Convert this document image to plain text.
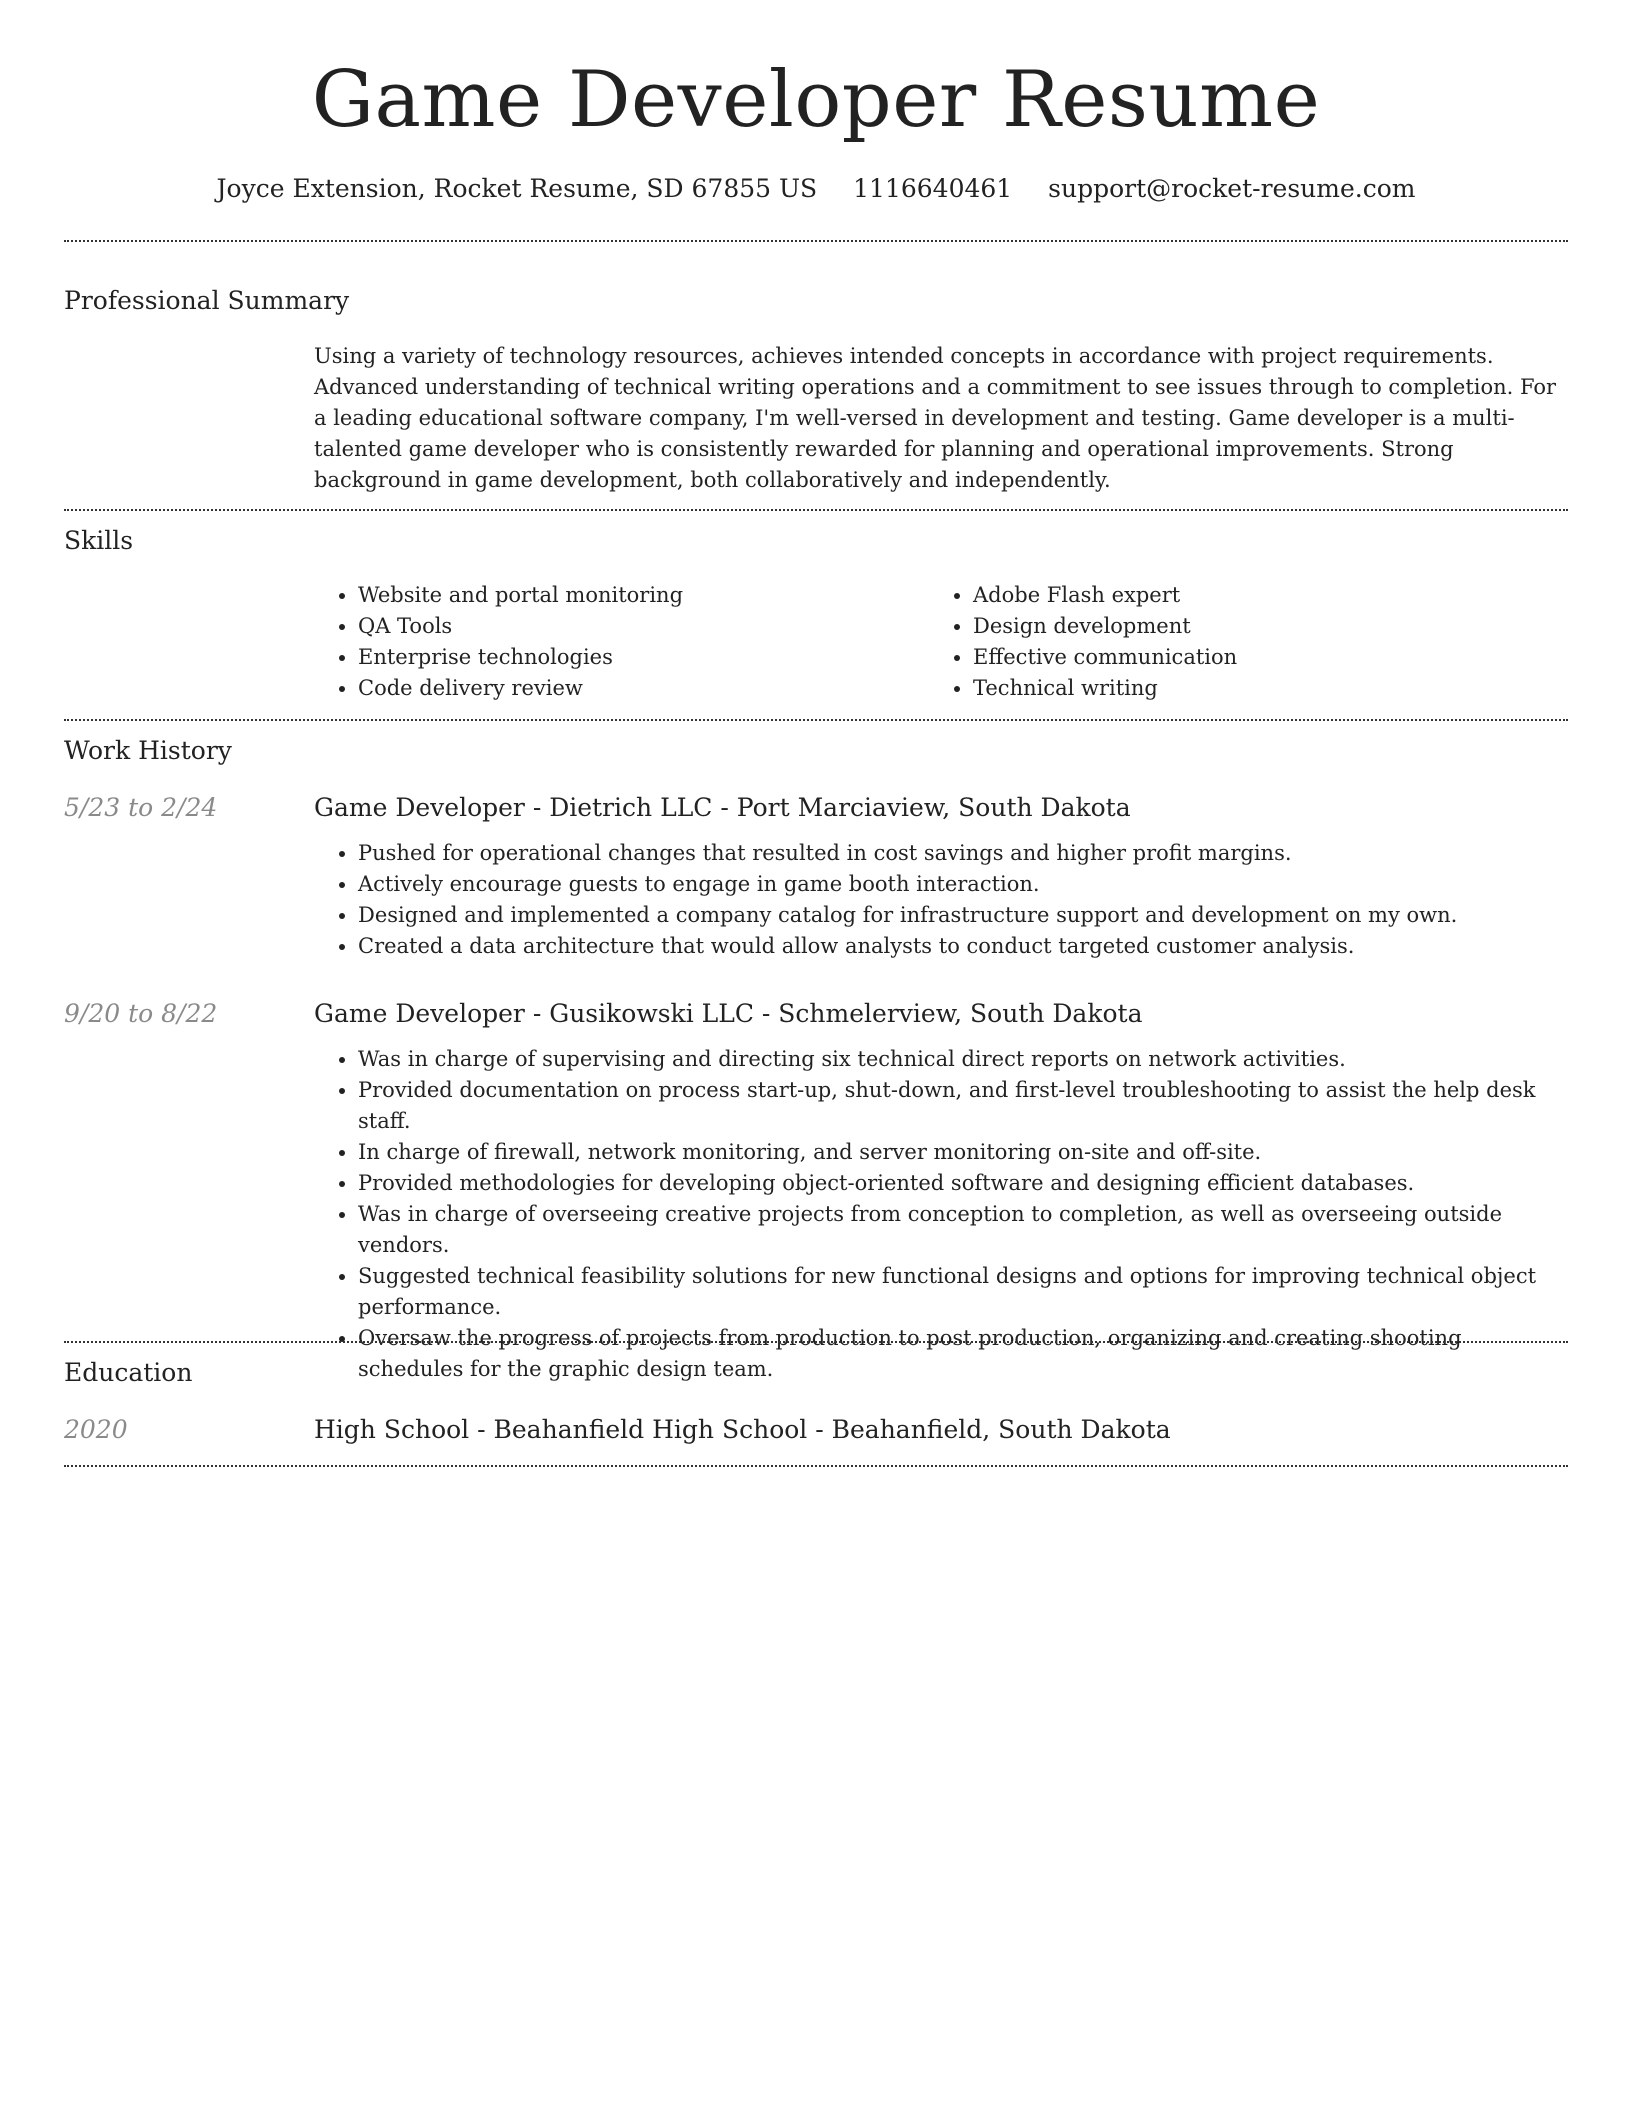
Game Developer Resume
Joyce Extension, Rocket Resume, SD 67855 US 1116640461 support@rocket-resume.com
Professional Summary

Using a variety of technology resources, achieves intended concepts in accordance with project requirements. Advanced understanding of technical writing operations and a commitment to see issues through to completion. For a leading educational software company, I'm well-versed in development and testing. Game developer is a multi-talented game developer who is consistently rewarded for planning and operational improvements. Strong background in game development, both collaboratively and independently.

Skills
• Website and portal monitoring
• QA Tools
• Enterprise technologies
• Code delivery review
• Adobe Flash expert
• Design development
• Effective communication
• Technical writing
Work History
5/23 to 2/24	Game Developer - Dietrich LLC - Port Marciaview, South Dakota

• Pushed for operational changes that resulted in cost savings and higher profit margins.
• Actively encourage guests to engage in game booth interaction.
• Designed and implemented a company catalog for infrastructure support and development on my own.
• Created a data architecture that would allow analysts to conduct targeted customer analysis.
9/20 to 8/22	Game Developer - Gusikowski LLC - Schmelerview, South Dakota

• Was in charge of supervising and directing six technical direct reports on network activities.
• Provided documentation on process start-up, shut-down, and first-level troubleshooting to assist the help desk staff.
• In charge of firewall, network monitoring, and server monitoring on-site and off-site.
• Provided methodologies for developing object-oriented software and designing efficient databases.
• Was in charge of overseeing creative projects from conception to completion, as well as overseeing outside vendors.
• Suggested technical feasibility solutions for new functional designs and options for improving technical object performance.
• Oversaw the progress of projects from production to post production, organizing and creating shooting schedules for the graphic design team.
Education
2020	High School - Beahanfield High School - Beahanfield, South Dakota
